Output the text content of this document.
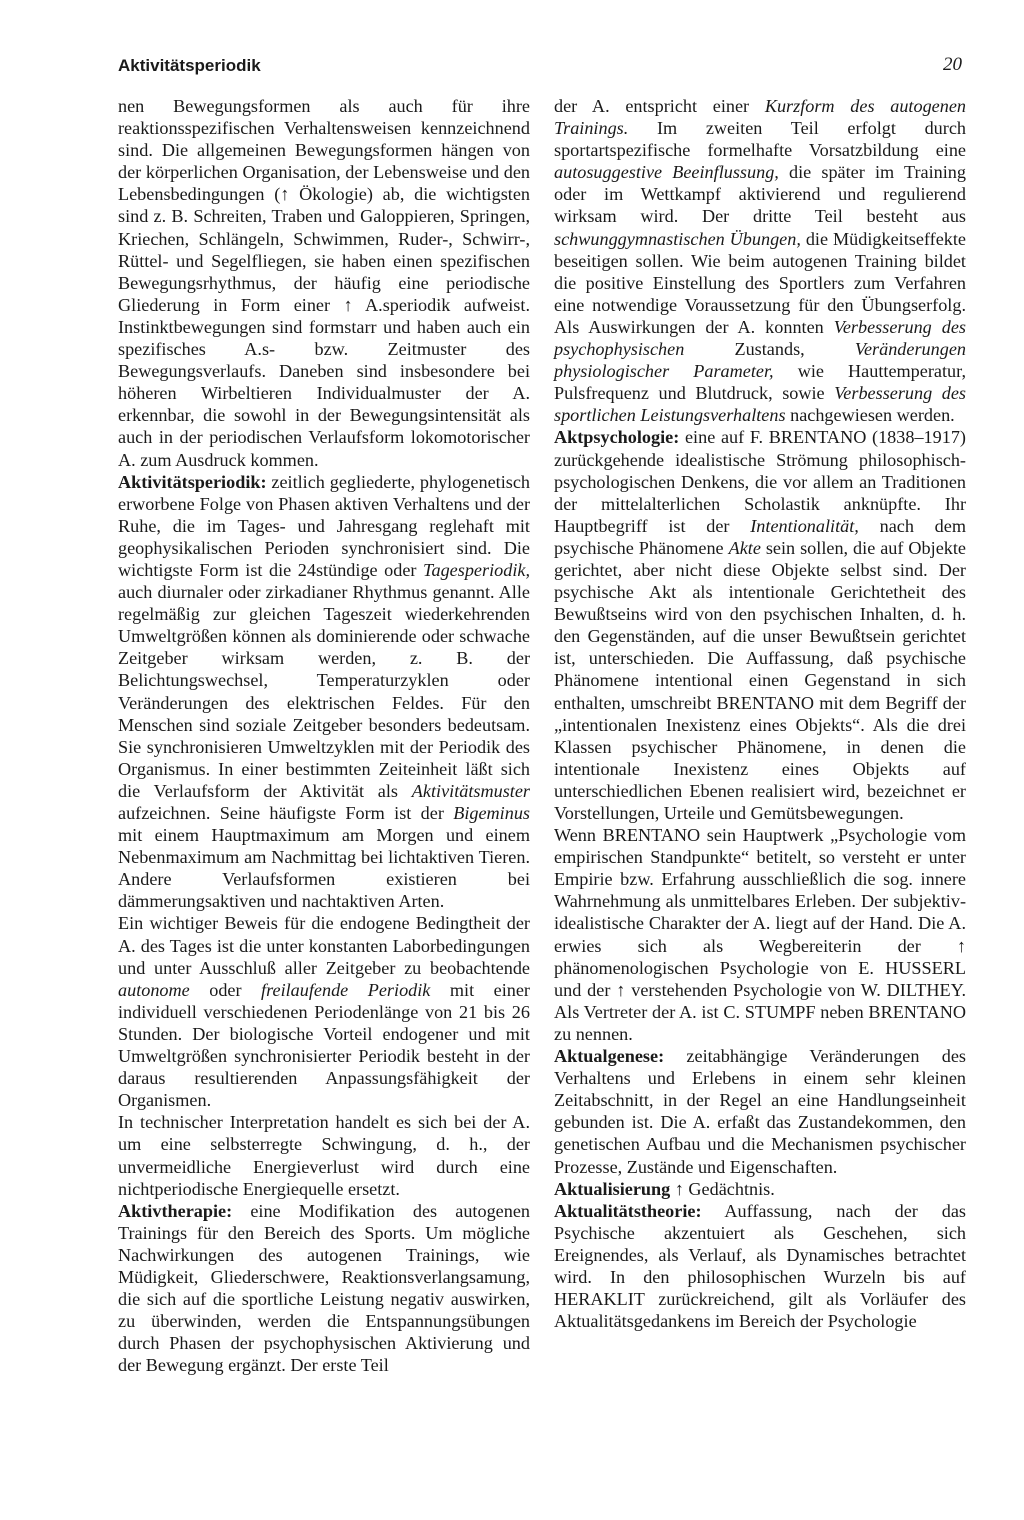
Aktivitätsperiodik	20

nen Bewegungsformen als auch für ihre reaktionsspezifischen Verhaltensweisen kennzeichnend sind. Die allgemeinen Bewegungsformen hängen von der körperlichen Organisation, der Lebensweise und den Lebensbedingungen (↑ Ökologie) ab, die wichtigsten sind z. B. Schreiten, Traben und Galoppieren, Springen, Kriechen, Schlängeln, Schwimmen, Ruder-, Schwirr-, Rüttel- und Segelfliegen, sie haben einen spezifischen Bewegungsrhythmus, der häufig eine periodische Gliederung in Form einer ↑ A.speriodik aufweist. Instinktbewegungen sind formstarr und haben auch ein spezifisches A.s- bzw. Zeitmuster des Bewegungsverlaufs. Daneben sind insbesondere bei höheren Wirbeltieren Individualmuster der A. erkennbar, die sowohl in der Bewegungsintensität als auch in der periodischen Verlaufsform lokomotorischer A. zum Ausdruck kommen.

Aktivitätsperiodik: zeitlich gegliederte, phylogenetisch erworbene Folge von Phasen aktiven Verhaltens und der Ruhe, die im Tages- und Jahresgang reglehaft mit geophysikalischen Perioden synchronisiert sind. Die wichtigste Form ist die 24stündige oder Tagesperiodik, auch diurnaler oder zirkadianer Rhythmus genannt. Alle regelmäßig zur gleichen Tageszeit wiederkehrenden Umweltgrößen können als dominierende oder schwache Zeitgeber wirksam werden, z. B. der Belichtungswechsel, Temperaturzyklen oder Veränderungen des elektrischen Feldes. Für den Menschen sind soziale Zeitgeber besonders bedeutsam. Sie synchronisieren Umweltzyklen mit der Periodik des Organismus. In einer bestimmten Zeiteinheit läßt sich die Verlaufsform der Aktivität als Aktivitätsmuster aufzeichnen. Seine häufigste Form ist der Bigeminus mit einem Hauptmaximum am Morgen und einem Nebenmaximum am Nachmittag bei lichtaktiven Tieren. Andere Verlaufsformen existieren bei dämmerungsaktiven und nachtaktiven Arten.

Ein wichtiger Beweis für die endogene Bedingtheit der A. des Tages ist die unter konstanten Laborbedingungen und unter Ausschluß aller Zeitgeber zu beobachtende autonome oder freilaufende Periodik mit einer individuell verschiedenen Periodenlänge von 21 bis 26 Stunden. Der biologische Vorteil endogener und mit Umweltgrößen synchronisierter Periodik besteht in der daraus resultierenden Anpassungsfähigkeit der Organismen.

In technischer Interpretation handelt es sich bei der A. um eine selbsterregte Schwingung, d. h., der unvermeidliche Energieverlust wird durch eine nichtperiodische Energiequelle ersetzt.

Aktivtherapie: eine Modifikation des autogenen Trainings für den Bereich des Sports. Um mögliche Nachwirkungen des autogenen Trainings, wie Müdigkeit, Gliederschwere, Reaktionsverlangsamung, die sich auf die sportliche Leistung negativ auswirken, zu überwinden, werden die Entspannungsübungen durch Phasen der psychophysischen Aktivierung und der Bewegung ergänzt. Der erste Teil

der A. entspricht einer Kurzform des autogenen Trainings. Im zweiten Teil erfolgt durch sportartspezifische formelhafte Vorsatzbildung eine autosuggestive Beeinflussung, die später im Training oder im Wettkampf aktivierend und regulierend wirksam wird. Der dritte Teil besteht aus schwunggymnastischen Übungen, die Müdigkeitseffekte beseitigen sollen. Wie beim autogenen Training bildet die positive Einstellung des Sportlers zum Verfahren eine notwendige Voraussetzung für den Übungserfolg. Als Auswirkungen der A. konnten Verbesserung des psychophysischen Zustands, Veränderungen physiologischer Parameter, wie Hauttemperatur, Pulsfrequenz und Blutdruck, sowie Verbesserung des sportlichen Leistungsverhaltens nachgewiesen werden.

Aktpsychologie: eine auf F. BRENTANO (1838–1917) zurückgehende idealistische Strömung philosophisch-psychologischen Denkens, die vor allem an Traditionen der mittelalterlichen Scholastik anknüpfte. Ihr Hauptbegriff ist der Intentionalität, nach dem psychische Phänomene Akte sein sollen, die auf Objekte gerichtet, aber nicht diese Objekte selbst sind. Der psychische Akt als intentionale Gerichtetheit des Bewußtseins wird von den psychischen Inhalten, d. h. den Gegenständen, auf die unser Bewußtsein gerichtet ist, unterschieden. Die Auffassung, daß psychische Phänomene intentional einen Gegenstand in sich enthalten, umschreibt BRENTANO mit dem Begriff der „intentionalen Inexistenz eines Objekts“. Als die drei Klassen psychischer Phänomene, in denen die intentionale Inexistenz eines Objekts auf unterschiedlichen Ebenen realisiert wird, bezeichnet er Vorstellungen, Urteile und Gemütsbewegungen.

Wenn BRENTANO sein Hauptwerk „Psychologie vom empirischen Standpunkte“ betitelt, so versteht er unter Empirie bzw. Erfahrung ausschließlich die sog. innere Wahrnehmung als unmittelbares Erleben. Der subjektiv-idealistische Charakter der A. liegt auf der Hand. Die A. erwies sich als Wegbereiterin der ↑ phänomenologischen Psychologie von E. HUSSERL und der ↑ verstehenden Psychologie von W. DILTHEY. Als Vertreter der A. ist C. STUMPF neben BRENTANO zu nennen.

Aktualgenese: zeitabhängige Veränderungen des Verhaltens und Erlebens in einem sehr kleinen Zeitabschnitt, in der Regel an eine Handlungseinheit gebunden ist. Die A. erfaßt das Zustandekommen, den genetischen Aufbau und die Mechanismen psychischer Prozesse, Zustände und Eigenschaften.

Aktualisierung ↑ Gedächtnis.

Aktualitätstheorie: Auffassung, nach der das Psychische akzentuiert als Geschehen, sich Ereignendes, als Verlauf, als Dynamisches betrachtet wird. In den philosophischen Wurzeln bis auf HERAKLIT zurückreichend, gilt als Vorläufer des Aktualitätsgedankens im Bereich der Psychologie
